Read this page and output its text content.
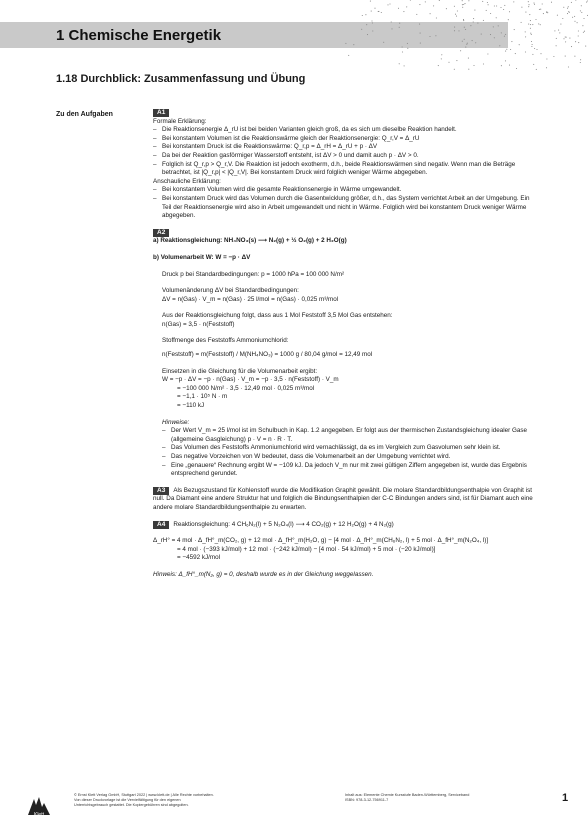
1 Chemische Energetik
1.18 Durchblick: Zusammenfassung und Übung
Zu den Aufgaben	A1
Formale Erklärung:
– Die Reaktionsenergie Δ_rU ist bei beiden Varianten gleich groß, da es sich um dieselbe Reaktion handelt.
– Bei konstantem Volumen ist die Reaktionswärme gleich der Reaktionsenergie: Q_r,V = Δ_rU
– Bei konstantem Druck ist die Reaktionswärme: Q_r,p = Δ_rH = Δ_rU + p · ΔV
– Da bei der Reaktion gasförmiger Wasserstoff entsteht, ist ΔV > 0 und damit auch p · ΔV > 0.
– Folglich ist Q_r,p > Q_r,V. Die Reaktion ist jedoch exotherm, d.h., beide Reaktionswärmen sind negativ. Wenn man die Beträge betrachtet, ist |Q_r,p| < |Q_r,V|. Bei konstantem Druck wird folglich weniger Wärme abgegeben.
Anschauliche Erklärung:
– Bei konstantem Volumen wird die gesamte Reaktionsenergie in Wärme umgewandelt.
– Bei konstantem Druck wird das Volumen durch die Gasentwicklung größer, d.h., das System verrichtet Arbeit an der Umgebung. Ein Teil der Reaktionsenergie wird also in Arbeit umgewandelt und nicht in Wärme. Folglich wird bei konstantem Druck weniger Wärme abgegeben.
A2
a) Reaktionsgleichung: NH₄NO₃(s) ⟶ N₂(g) + ½ O₂(g) + 2 H₂O(g)
b) Volumenarbeit W: W = −p · ΔV
Druck p bei Standardbedingungen: p = 1000 hPa = 100 000 N/m²
Volumenänderung ΔV bei Standardbedingungen:
ΔV = n(Gas) · V_m = n(Gas) · 25 l/mol = n(Gas) · 0,025 m³/mol
Aus der Reaktionsgleichung folgt, dass aus 1 Mol Feststoff 3,5 Mol Gas entstehen:
n(Gas) = 3,5 · n(Feststoff)
Stoffmenge des Feststoffs Ammoniumchlorid:
n(Feststoff) = m(Feststoff) / M(NH₄NO₃) = 1000 g / 80,04 g/mol = 12,49 mol
Einsetzen in die Gleichung für die Volumenarbeit ergibt:
W = −p · ΔV = −p · n(Gas) · V_m = −p · 3,5 · n(Feststoff) · V_m
= −100 000 N/m² · 3,5 · 12,49 mol · 0,025 m³/mol
= −1,1 · 10⁵ N · m
= −110 kJ
Hinweise:
– Der Wert V_m = 25 l/mol ist im Schulbuch in Kap. 1.2 angegeben. Er folgt aus der thermischen Zustandsgleichung idealer Gase (allgemeine Gasgleichung) p · V = n · R · T.
– Das Volumen des Feststoffs Ammoniumchlorid wird vernachlässigt, da es im Vergleich zum Gasvolumen sehr klein ist.
– Das negative Vorzeichen von W bedeutet, dass die Volumenarbeit an der Umgebung verrichtet wird.
– Eine „genauere“ Rechnung ergibt W = −109 kJ. Da jedoch V_m nur mit zwei gültigen Ziffern angegeben ist, wurde das Ergebnis entsprechend gerundet.
A3 Als Bezugszustand für Kohlenstoff wurde die Modifikation Graphit gewählt. Die molare Standardbildungsenthalpie von Graphit ist null. Da Diamant eine andere Struktur hat und folglich die Bindungsenthalpien der C-C Bindungen anders sind, ist für Diamant auch eine andere molare Standardbildungsenthalpie zu erwarten.
A4 Reaktionsgleichung: 4 CH₆N₂(l) + 5 N₂O₄(l) ⟶ 4 CO₂(g) + 12 H₂O(g) + 4 N₂(g)
Δ_rH° = 4 mol · Δ_fH°_m(CO₂, g) + 12 mol · Δ_fH°_m(H₂O, g) − [4 mol · Δ_fH°_m(CH₆N₂, l) + 5 mol · Δ_fH°_m(N₂O₄, l)]
= 4 mol · (−393 kJ/mol) + 12 mol · (−242 kJ/mol) − [4 mol · 54 kJ/mol) + 5 mol · (−20 kJ/mol)]
= −4592 kJ/mol
Hinweis: Δ_fH°_m(N₂, g) = 0, deshalb wurde es in der Gleichung weggelassen.
Klett
© Ernst Klett Verlag GmbH, Stuttgart 2022 | www.klett.de | Alle Rechte vorbehalten.
Von dieser Druckvorlage ist die Vervielfältigung für den eigenen
Unterrichtsgebrauch gestattet. Die Kopiergebühren sind abgegolten.
Inhalt aus: Elemente Chemie Kursstufe Baden-Württemberg, Serviceband
ISBN: 978-3-12-756911-7	1
